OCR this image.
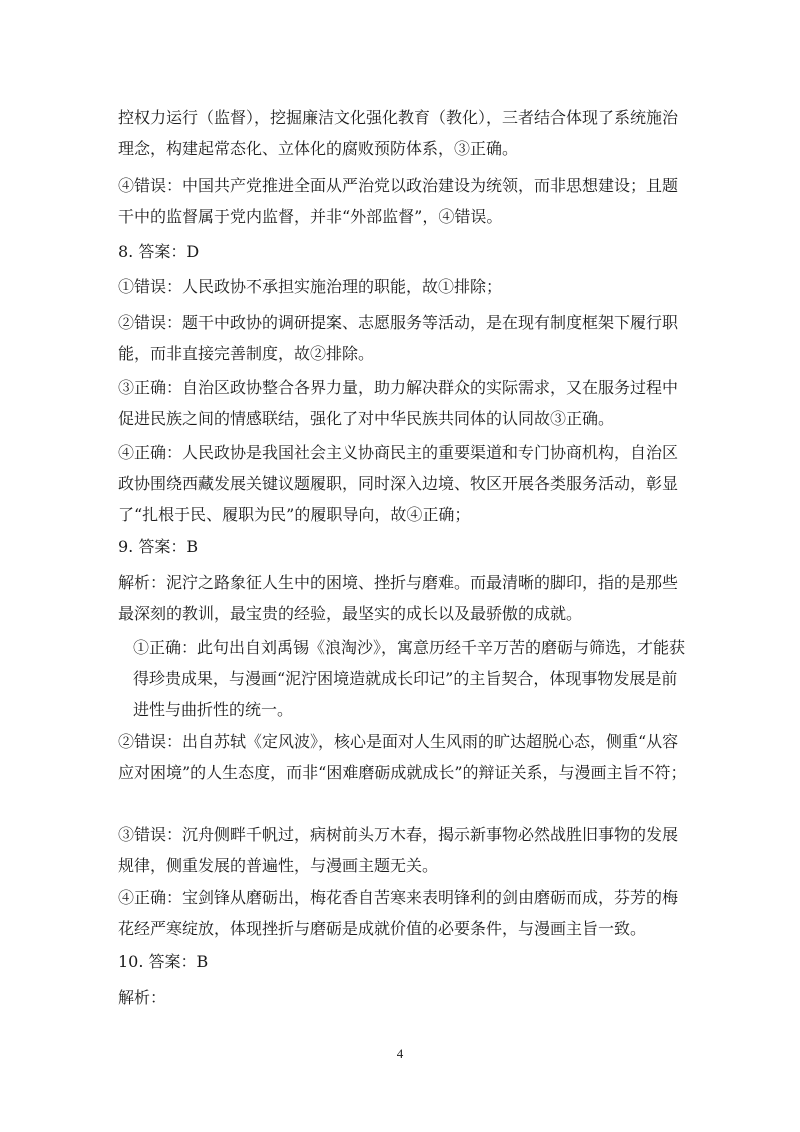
控权力运行（监督），挖掘廉洁文化强化教育（教化），三者结合体现了系统施治理念，构建起常态化、立体化的腐败预防体系，③正确。

④错误：中国共产党推进全面从严治党以政治建设为统领，而非思想建设；且题干中的监督属于党内监督，并非“外部监督”，④错误。

8. 答案：D

①错误：人民政协不承担实施治理的职能，故①排除；

②错误：题干中政协的调研提案、志愿服务等活动，是在现有制度框架下履行职能，而非直接完善制度，故②排除。

③正确：自治区政协整合各界力量，助力解决群众的实际需求，又在服务过程中促进民族之间的情感联结，强化了对中华民族共同体的认同故③正确。

④正确：人民政协是我国社会主义协商民主的重要渠道和专门协商机构，自治区政协围绕西藏发展关键议题履职，同时深入边境、牧区开展各类服务活动，彰显了“扎根于民、履职为民”的履职导向，故④正确；

9. 答案：B

解析：泥泞之路象征人生中的困境、挫折与磨难。而最清晰的脚印，指的是那些最深刻的教训，最宝贵的经验，最坚实的成长以及最骄傲的成就。

①正确：此句出自刘禹锡《浪淘沙》，寓意历经千辛万苦的磨砺与筛选，才能获得珍贵成果，与漫画“泥泞困境造就成长印记”的主旨契合，体现事物发展是前进性与曲折性的统一。

②错误：出自苏轼《定风波》，核心是面对人生风雨的旷达超脱心态，侧重“从容应对困境”的人生态度，而非“困难磨砺成就成长”的辩证关系，与漫画主旨不符；

③错误：沉舟侧畔千帆过，病树前头万木春，揭示新事物必然战胜旧事物的发展规律，侧重发展的普遍性，与漫画主题无关。

④正确：宝剑锋从磨砺出，梅花香自苦寒来表明锋利的剑由磨砺而成，芬芳的梅花经严寒绽放，体现挫折与磨砺是成就价值的必要条件，与漫画主旨一致。

10. 答案：B

解析：

4
